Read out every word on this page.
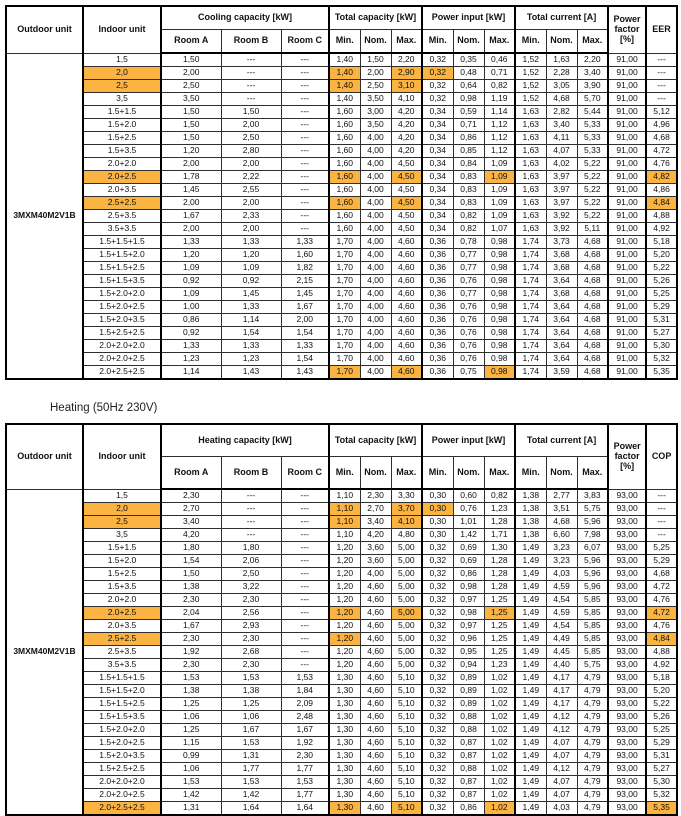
Outdoor unit	Indoor unit	Cooling capacity [kW]			Total capacity [kW]			Power input [kW]			Total current [A]			Power factor [%]	EER
		Room A	Room B	Room C	Min.	Nom.	Max.	Min.	Nom.	Max.	Min.	Nom.	Max.		
3MXM40M2V1B	1,5	1,50	---	---	1,40	1,50	2,20	0,32	0,35	0,46	1,52	1,63	2,20	91,00	---
	2,0	2,00	---	---	1,40	2,00	2,90	0,32	0,48	0,71	1,52	2,28	3,40	91,00	---
	2,5	2,50	---	---	1,40	2,50	3,10	0,32	0,64	0,82	1,52	3,05	3,90	91,00	---
	3,5	3,50	---	---	1,40	3,50	4,10	0,32	0,98	1,19	1,52	4,68	5,70	91,00	---
	1.5+1.5	1,50	1,50	---	1,60	3,00	4,20	0,34	0,59	1,14	1,63	2,82	5,44	91,00	5,12
	1.5+2.0	1,50	2,00	---	1,60	3,50	4,20	0,34	0,71	1,12	1,63	3,40	5,33	91,00	4,96
	1.5+2.5	1,50	2,50	---	1,60	4,00	4,20	0,34	0,86	1,12	1,63	4,11	5,33	91,00	4,68
	1.5+3.5	1,20	2,80	---	1,60	4,00	4,20	0,34	0,85	1,12	1,63	4,07	5,33	91,00	4,72
	2.0+2.0	2,00	2,00	---	1,60	4,00	4,50	0,34	0,84	1,09	1,63	4,02	5,22	91,00	4,76
	2.0+2.5	1,78	2,22	---	1,60	4,00	4,50	0,34	0,83	1,09	1,63	3,97	5,22	91,00	4,82
	2.0+3.5	1,45	2,55	---	1,60	4,00	4,50	0,34	0,83	1,09	1,63	3,97	5,22	91,00	4,86
	2.5+2.5	2,00	2,00	---	1,60	4,00	4,50	0,34	0,83	1,09	1,63	3,97	5,22	91,00	4,84
	2.5+3.5	1,67	2,33	---	1,60	4,00	4,50	0,34	0,82	1,09	1,63	3,92	5,22	91,00	4,88
	3.5+3.5	2,00	2,00	---	1,60	4,00	4,50	0,34	0,82	1,07	1,63	3,92	5,11	91,00	4,92
	1.5+1.5+1.5	1,33	1,33	1,33	1,70	4,00	4,60	0,36	0,78	0,98	1,74	3,73	4,68	91,00	5,18
	1.5+1.5+2.0	1,20	1,20	1,60	1,70	4,00	4,60	0,36	0,77	0,98	1,74	3,68	4,68	91,00	5,20
	1.5+1.5+2.5	1,09	1,09	1,82	1,70	4,00	4,60	0,36	0,77	0,98	1,74	3,68	4,68	91,00	5,22
	1.5+1.5+3.5	0,92	0,92	2,15	1,70	4,00	4,60	0,36	0,76	0,98	1,74	3,64	4,68	91,00	5,26
	1.5+2.0+2.0	1,09	1,45	1,45	1,70	4,00	4,60	0,36	0,77	0,98	1,74	3,68	4,68	91,00	5,25
	1.5+2.0+2.5	1,00	1,33	1,67	1,70	4,00	4,60	0,36	0,76	0,98	1,74	3,64	4,68	91,00	5,29
	1.5+2.0+3.5	0,86	1,14	2,00	1,70	4,00	4,60	0,36	0,76	0,98	1,74	3,64	4,68	91,00	5,31
	1.5+2.5+2.5	0,92	1,54	1,54	1,70	4,00	4,60	0,36	0,76	0,98	1,74	3,64	4,68	91,00	5,27
	2.0+2.0+2.0	1,33	1,33	1,33	1,70	4,00	4,60	0,36	0,76	0,98	1,74	3,64	4,68	91,00	5,30
	2.0+2.0+2.5	1,23	1,23	1,54	1,70	4,00	4,60	0,36	0,76	0,98	1,74	3,64	4,68	91,00	5,32
	2.0+2.5+2.5	1,14	1,43	1,43	1,70	4,00	4,60	0,36	0,75	0,98	1,74	3,59	4,68	91,00	5,35
Heating (50Hz 230V)
Outdoor unit	Indoor unit	Heating capacity [kW]			Total capacity [kW]			Power input [kW]			Total current [A]			Power factor [%]	COP
		Room A	Room B	Room C	Min.	Nom.	Max.	Min.	Nom.	Max.	Min.	Nom.	Max.		
3MXM40M2V1B	1,5	2,30	---	---	1,10	2,30	3,30	0,30	0,60	0,82	1,38	2,77	3,83	93,00	---
	2,0	2,70	---	---	1,10	2,70	3,70	0,30	0,76	1,23	1,38	3,51	5,75	93,00	---
	2,5	3,40	---	---	1,10	3,40	4,10	0,30	1,01	1,28	1,38	4,68	5,96	93,00	---
	3,5	4,20	---	---	1,10	4,20	4,80	0,30	1,42	1,71	1,38	6,60	7,98	93,00	---
	1.5+1.5	1,80	1,80	---	1,20	3,60	5,00	0,32	0,69	1,30	1,49	3,23	6,07	93,00	5,25
	1.5+2.0	1,54	2,06	---	1,20	3,60	5,00	0,32	0,69	1,28	1,49	3,23	5,96	93,00	5,29
	1.5+2.5	1,50	2,50	---	1,20	4,00	5,00	0,32	0,86	1,28	1,49	4,03	5,96	93,00	4,68
	1.5+3.5	1,38	3,22	---	1,20	4,60	5,00	0,32	0,98	1,28	1,49	4,59	5,96	93,00	4,72
	2.0+2.0	2,30	2,30	---	1,20	4,60	5,00	0,32	0,97	1,25	1,49	4,54	5,85	93,00	4,76
	2.0+2.5	2,04	2,56	---	1,20	4,60	5,00	0,32	0,98	1,25	1,49	4,59	5,85	93,00	4,72
	2.0+3.5	1,67	2,93	---	1,20	4,60	5,00	0,32	0,97	1,25	1,49	4,54	5,85	93,00	4,76
	2.5+2.5	2,30	2,30	---	1,20	4,60	5,00	0,32	0,96	1,25	1,49	4,49	5,85	93,00	4,84
	2.5+3.5	1,92	2,68	---	1,20	4,60	5,00	0,32	0,95	1,25	1,49	4,45	5,85	93,00	4,88
	3.5+3.5	2,30	2,30	---	1,20	4,60	5,00	0,32	0,94	1,23	1,49	4,40	5,75	93,00	4,92
	1.5+1.5+1.5	1,53	1,53	1,53	1,30	4,60	5,10	0,32	0,89	1,02	1,49	4,17	4,79	93,00	5,18
	1.5+1.5+2.0	1,38	1,38	1,84	1,30	4,60	5,10	0,32	0,89	1,02	1,49	4,17	4,79	93,00	5,20
	1.5+1.5+2.5	1,25	1,25	2,09	1,30	4,60	5,10	0,32	0,89	1,02	1,49	4,17	4,79	93,00	5,22
	1.5+1.5+3.5	1,06	1,06	2,48	1,30	4,60	5,10	0,32	0,88	1,02	1,49	4,12	4,79	93,00	5,26
	1.5+2.0+2.0	1,25	1,67	1,67	1,30	4,60	5,10	0,32	0,88	1,02	1,49	4,12	4,79	93,00	5,25
	1.5+2.0+2.5	1,15	1,53	1,92	1,30	4,60	5,10	0,32	0,87	1,02	1,49	4,07	4,79	93,00	5,29
	1.5+2.0+3.5	0,99	1,31	2,30	1,30	4,60	5,10	0,32	0,87	1,02	1,49	4,07	4,79	93,00	5,31
	1.5+2.5+2.5	1,06	1,77	1,77	1,30	4,60	5,10	0,32	0,88	1,02	1,49	4,12	4,79	93,00	5,27
	2.0+2.0+2.0	1,53	1,53	1,53	1,30	4,60	5,10	0,32	0,87	1,02	1,49	4,07	4,79	93,00	5,30
	2.0+2.0+2.5	1,42	1,42	1,77	1,30	4,60	5,10	0,32	0,87	1,02	1,49	4,07	4,79	93,00	5,32
	2.0+2.5+2.5	1,31	1,64	1,64	1,30	4,60	5,10	0,32	0,86	1,02	1,49	4,03	4,79	93,00	5,35
